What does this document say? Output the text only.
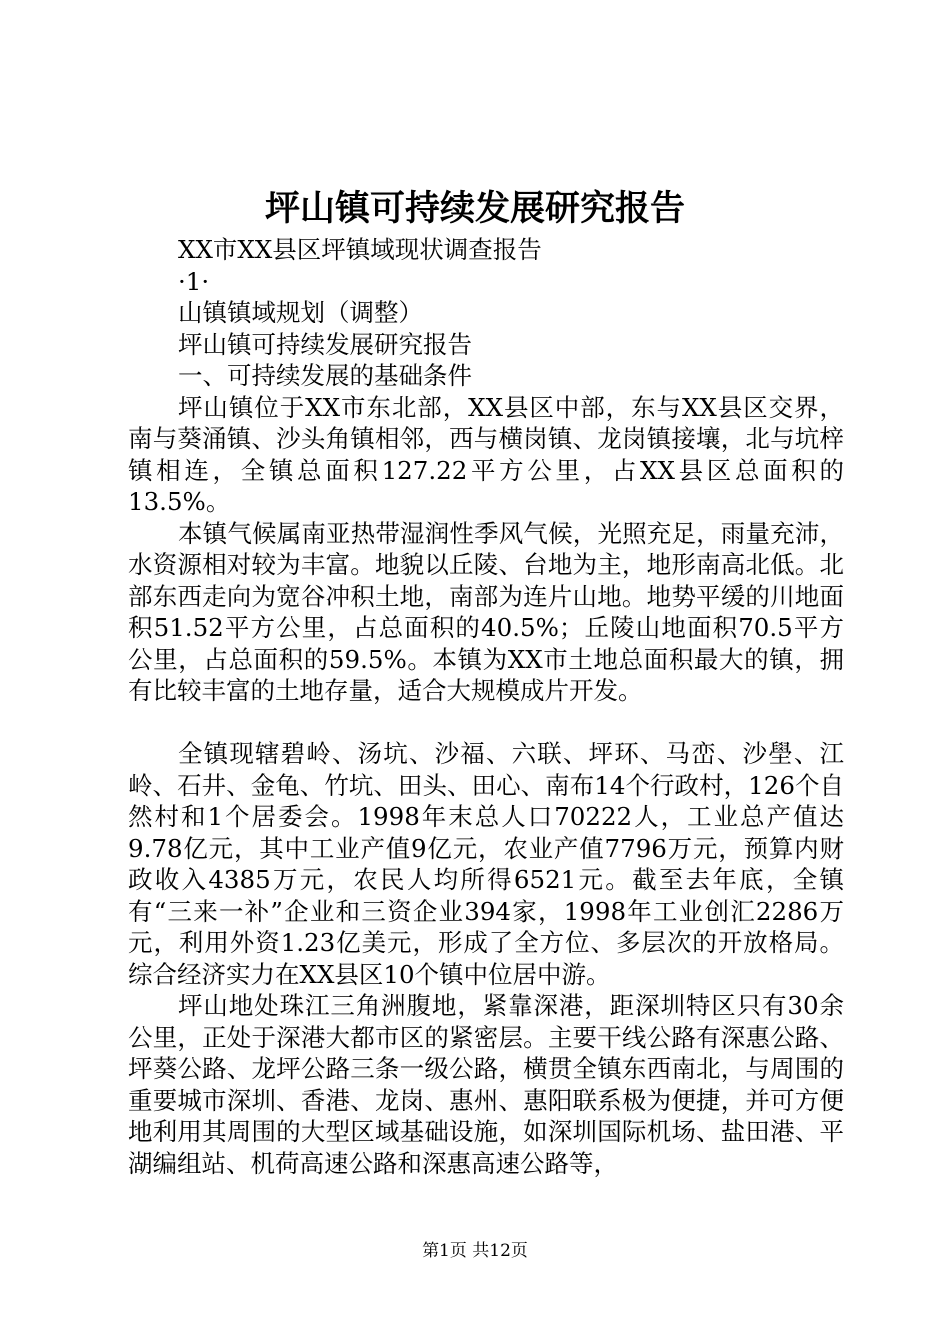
坪山镇可持续发展研究报告
XX市XX县区坪镇域现状调查报告
·1·
山镇镇域规划（调整）
坪山镇可持续发展研究报告
一、可持续发展的基础条件

坪山镇位于XX市东北部，XX县区中部，东与XX县区交界，南与葵涌镇、沙头角镇相邻，西与横岗镇、龙岗镇接壤，北与坑梓镇相连，全镇总面积127.22平方公里，占XX县区总面积的13.5%。

本镇气候属南亚热带湿润性季风气候，光照充足，雨量充沛，水资源相对较为丰富。地貌以丘陵、台地为主，地形南高北低。北部东西走向为宽谷冲积土地，南部为连片山地。地势平缓的川地面积51.52平方公里，占总面积的40.5%；丘陵山地面积70.5平方公里，占总面积的59.5%。本镇为XX市土地总面积最大的镇，拥有比较丰富的土地存量，适合大规模成片开发。

全镇现辖碧岭、汤坑、沙福、六联、坪环、马峦、沙壆、江岭、石井、金龟、竹坑、田头、田心、南布14个行政村，126个自然村和1个居委会。1998年末总人口70222人，工业总产值达9.78亿元，其中工业产值9亿元，农业产值7796万元，预算内财政收入4385万元，农民人均所得6521元。截至去年底，全镇有“三来一补”企业和三资企业394家，1998年工业创汇2286万元，利用外资1.23亿美元，形成了全方位、多层次的开放格局。综合经济实力在XX县区10个镇中位居中游。

坪山地处珠江三角洲腹地，紧靠深港，距深圳特区只有30余公里，正处于深港大都市区的紧密层。主要干线公路有深惠公路、坪葵公路、龙坪公路三条一级公路，横贯全镇东西南北，与周围的重要城市深圳、香港、龙岗、惠州、惠阳联系极为便捷，并可方便地利用其周围的大型区域基础设施，如深圳国际机场、盐田港、平湖编组站、机荷高速公路和深惠高速公路等，

第1页 共12页
